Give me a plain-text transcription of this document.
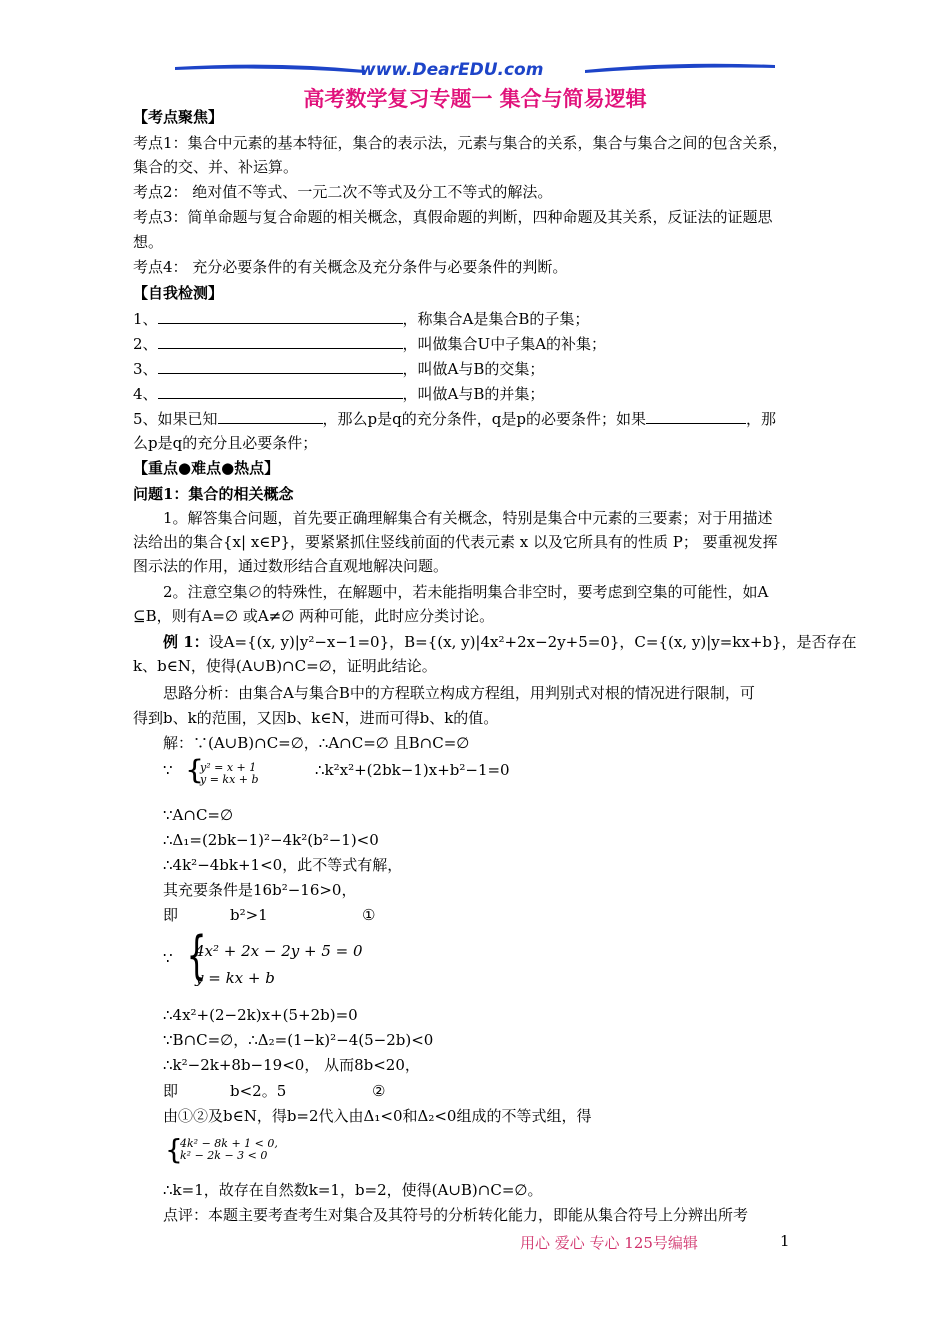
www.DearEDU.com
高考数学复习专题一 集合与简易逻辑
【考点聚焦】
考点1：集合中元素的基本特征，集合的表示法，元素与集合的关系，集合与集合之间的包含关系，
集合的交、并、补运算。
考点2： 绝对值不等式、一元二次不等式及分工不等式的解法。
考点3：简单命题与复合命题的相关概念，真假命题的判断，四种命题及其关系，反证法的证题思
想。
考点4： 充分必要条件的有关概念及充分条件与必要条件的判断。
【自我检测】
1、	，称集合A是集合B的子集；
2、	，叫做集合U中子集A的补集；
3、	，叫做A与B的交集；
4、	，叫做A与B的并集；
5、如果已知	，那么p是q的充分条件，q是p的必要条件；如果	，那
么p是q的充分且必要条件；
【重点●难点●热点】
问题1：集合的相关概念
1。解答集合问题，首先要正确理解集合有关概念，特别是集合中元素的三要素；对于用描述
法给出的集合{x| x∈P}，要紧紧抓住竖线前面的代表元素 x 以及它所具有的性质 P； 要重视发挥
图示法的作用，通过数形结合直观地解决问题。
2。注意空集∅的特殊性，在解题中，若未能指明集合非空时，要考虑到空集的可能性，如A
⊆B，则有A=∅ 或A≠∅ 两种可能，此时应分类讨论。
例 1：设A={(x, y)|y²−x−1=0}，B={(x, y)|4x²+2x−2y+5=0}，C={(x, y)|y=kx+b}，是否存在
k、b∈N，使得(A∪B)∩C=∅，证明此结论。
思路分析：由集合A与集合B中的方程联立构成方程组，用判别式对根的情况进行限制，可
得到b、k的范围，又因b、k∈N，进而可得b、k的值。
解：∵(A∪B)∩C=∅，∴A∩C=∅ 且B∩C=∅
∵ {
y² = x + 1
y = kx + b
∴k²x²+(2bk−1)x+b²−1=0
∵A∩C=∅
∴Δ₁=(2bk−1)²−4k²(b²−1)<0
∴4k²−4bk+1<0，此不等式有解，
其充要条件是16b²−16>0，
即	b²>1	①
∵ {
4x² + 2x − 2y + 5 = 0
y = kx + b
∴4x²+(2−2k)x+(5+2b)=0
∵B∩C=∅，∴Δ₂=(1−k)²−4(5−2b)<0
∴k²−2k+8b−19<0， 从而8b<20，
即	b<2。5	②
由①②及b∈N，得b=2代入由Δ₁<0和Δ₂<0组成的不等式组，得
{
4k² − 8k + 1 < 0,
k² − 2k − 3 < 0
∴k=1，故存在自然数k=1，b=2，使得(A∪B)∩C=∅。
点评：本题主要考查考生对集合及其符号的分析转化能力，即能从集合符号上分辨出所考
用心 爱心 专心 125号编辑	1
